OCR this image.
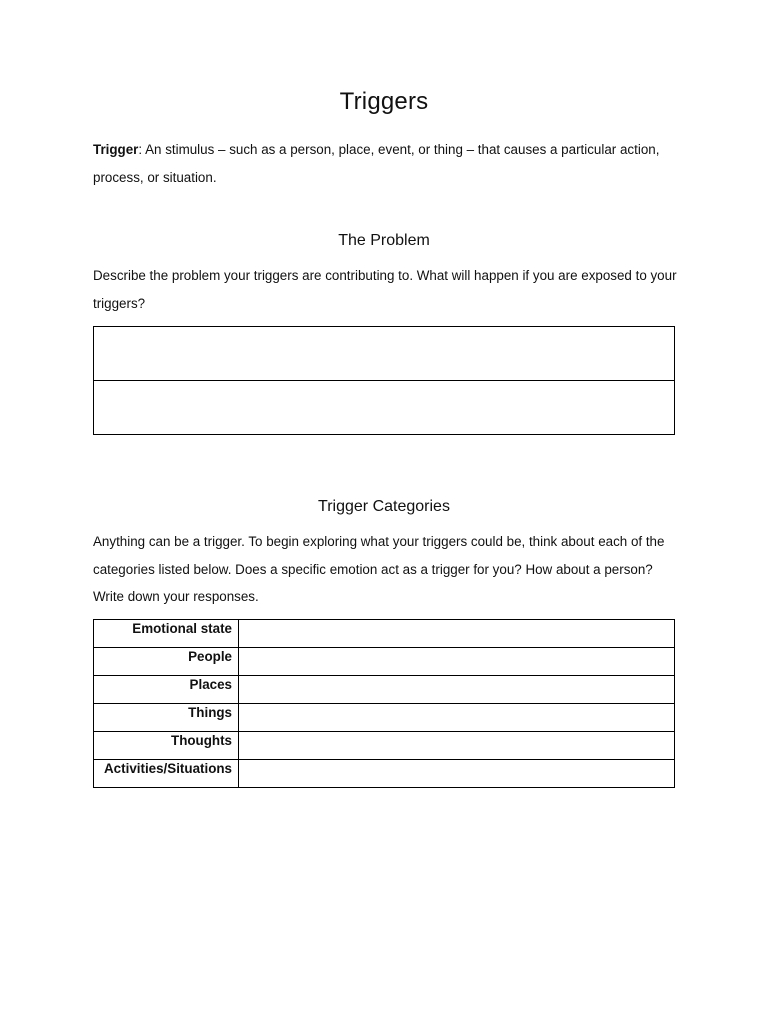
Triggers
Trigger: An stimulus – such as a person, place, event, or thing – that causes a particular action, process, or situation.
The Problem
Describe the problem your triggers are contributing to. What will happen if you are exposed to your triggers?
Trigger Categories
Anything can be a trigger. To begin exploring what your triggers could be, think about each of the categories listed below. Does a specific emotion act as a trigger for you? How about a person? Write down your responses.
Emotional state	
People	
Places	
Things	
Thoughts	
Activities/Situations	
